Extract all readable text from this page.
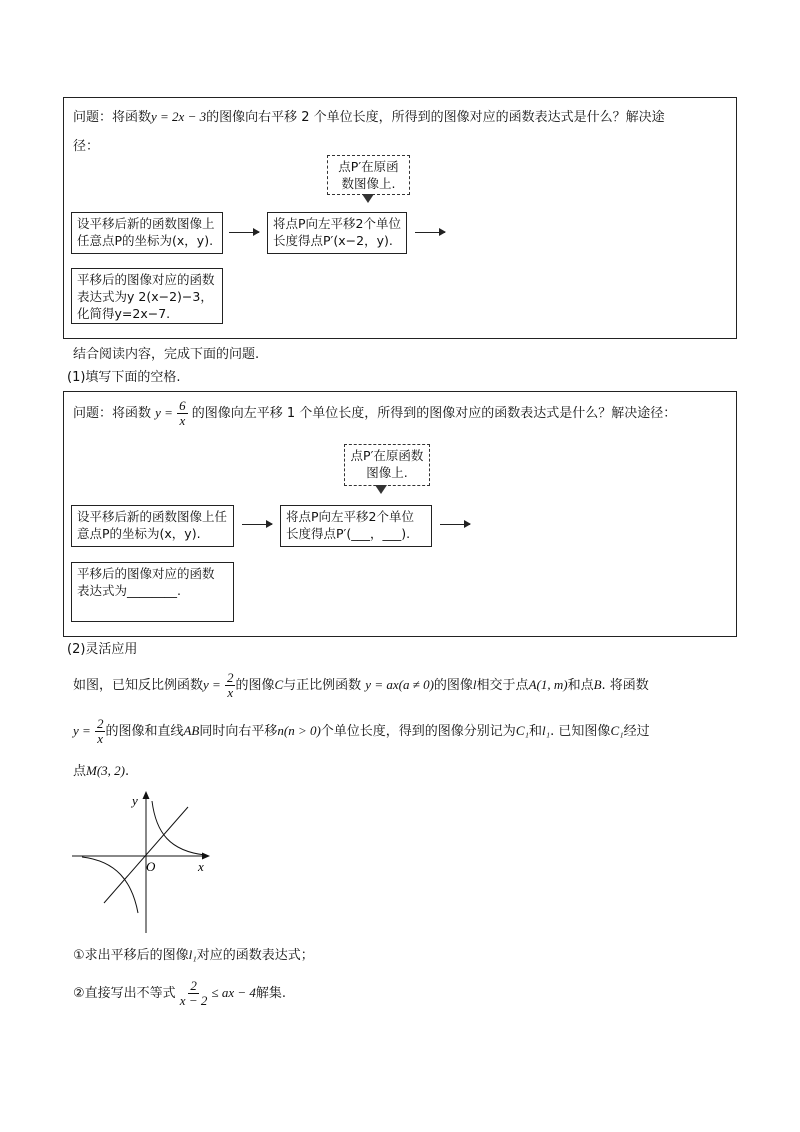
问题：将函数y = 2x − 3的图像向右平移 2 个单位长度，所得到的图像对应的函数表达式是什么？解决途
径：
点P′在原函数图像上.
设平移后新的函数图像上任意点P的坐标为(x，y).
将点P向左平移2个单位长度得点P′(x−2，y).
平移后的图像对应的函数表达式为y 2(x−2)−3，化简得y=2x−7.
结合阅读内容，完成下面的问题.
(1)填写下面的空格.
问题：将函数 $y = \frac{6}{x}$ 的图像向左平移 1 个单位长度，所得到的图像对应的函数表达式是什么？解决途径：
点P′在原函数图像上.
设平移后新的函数图像上任意点P的坐标为(x，y).
将点P向左平移2个单位
长度得点P′(___，___).
平移后的图像对应的函数
表达式为________.
(2)灵活应用
如图，已知反比例函数$y = \frac{2}{x}$ 的图像C与正比例函数 y = ax(a ≠ 0)的图像l相交于点A(1, m)和点B. 将函数
$y = \frac{2}{x}$ 的图像和直线AB同时向右平移n(n > 0)个单位长度，得到的图像分别记为C₁和l₁. 已知图像C₁经过
点M(3, 2).
y
x
O
①求出平移后的图像l₁对应的函数表达式；
②直接写出不等式 $\frac{2}{x - 2}$ ≤ ax − 4解集.
